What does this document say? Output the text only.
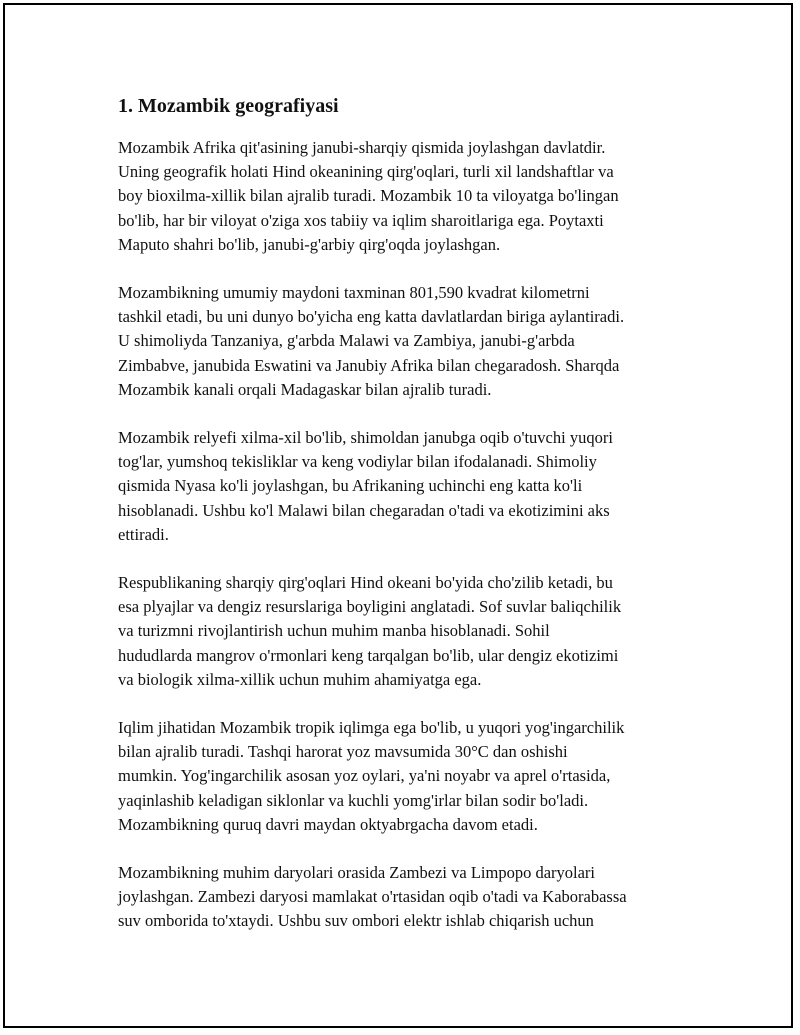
1. Mozambik geografiyasi

Mozambik Afrika qit'asining janubi-sharqiy qismida joylashgan davlatdir.
Uning geografik holati Hind okeanining qirg'oqlari, turli xil landshaftlar va
boy bioxilma-xillik bilan ajralib turadi. Mozambik 10 ta viloyatga bo'lingan
bo'lib, har bir viloyat o'ziga xos tabiiy va iqlim sharoitlariga ega. Poytaxti
Maputo shahri bo'lib, janubi-g'arbiy qirg'oqda joylashgan.

Mozambikning umumiy maydoni taxminan 801,590 kvadrat kilometrni
tashkil etadi, bu uni dunyo bo'yicha eng katta davlatlardan biriga aylantiradi.
U shimoliyda Tanzaniya, g'arbda Malawi va Zambiya, janubi-g'arbda
Zimbabve, janubida Eswatini va Janubiy Afrika bilan chegaradosh. Sharqda
Mozambik kanali orqali Madagaskar bilan ajralib turadi.

Mozambik relyefi xilma-xil bo'lib, shimoldan janubga oqib o'tuvchi yuqori
tog'lar, yumshoq tekisliklar va keng vodiylar bilan ifodalanadi. Shimoliy
qismida Nyasa ko'li joylashgan, bu Afrikaning uchinchi eng katta ko'li
hisoblanadi. Ushbu ko'l Malawi bilan chegaradan o'tadi va ekotizimini aks
ettiradi.

Respublikaning sharqiy qirg'oqlari Hind okeani bo'yida cho'zilib ketadi, bu
esa plyajlar va dengiz resurslariga boyligini anglatadi. Sof suvlar baliqchilik
va turizmni rivojlantirish uchun muhim manba hisoblanadi. Sohil
hududlarda mangrov o'rmonlari keng tarqalgan bo'lib, ular dengiz ekotizimi
va biologik xilma-xillik uchun muhim ahamiyatga ega.

Iqlim jihatidan Mozambik tropik iqlimga ega bo'lib, u yuqori yog'ingarchilik
bilan ajralib turadi. Tashqi harorat yoz mavsumida 30°C dan oshishi
mumkin. Yog'ingarchilik asosan yoz oylari, ya'ni noyabr va aprel o'rtasida,
yaqinlashib keladigan siklonlar va kuchli yomg'irlar bilan sodir bo'ladi.
Mozambikning quruq davri maydan oktyabrgacha davom etadi.

Mozambikning muhim daryolari orasida Zambezi va Limpopo daryolari
joylashgan. Zambezi daryosi mamlakat o'rtasidan oqib o'tadi va Kaborabassa
suv omborida to'xtaydi. Ushbu suv ombori elektr ishlab chiqarish uchun
